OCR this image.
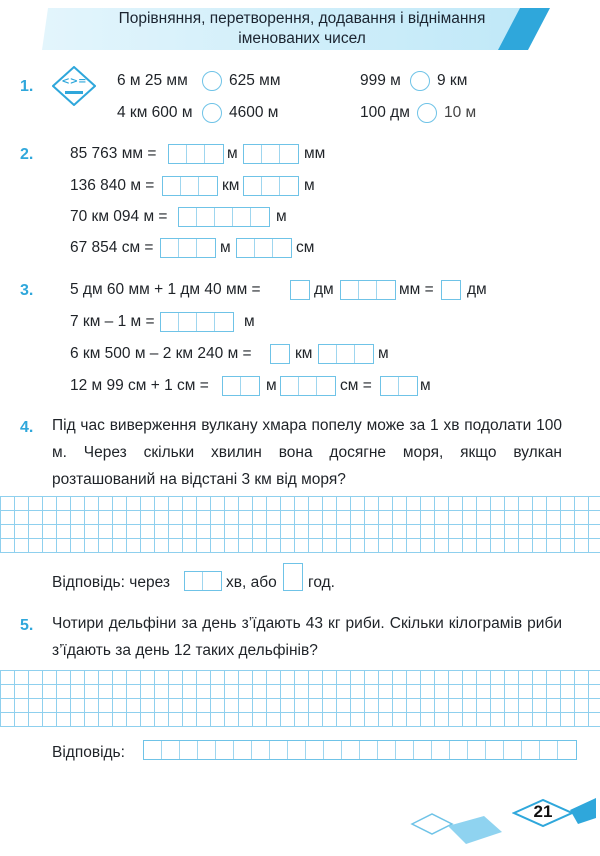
Порівняння, перетворення, додавання і віднімання
іменованих чисел
1.	<>= 6 м 25 мм	625 мм	999 м 9 км
4 км 600 м 4600 м	100 дм 10 м
2. 85 763 мм =	м	мм
136 840 м =	км	м
70 км 094 м =	м
67 854 см =	м	см
3. 5 дм 60 мм + 1 дм 40 мм =	дм	мм = дм
7 км – 1 м =	м
6 км 500 м – 2 км 240 м =	км	м
12 м 99 см + 1 см =	м	см =	м
4. Під час виверження вулкану хмара попелу може за 1 хв подолати 100 м. Через скільки хвилин вона досягне моря, якщо вулкан розташований на відстані 3 км від моря?
Відповідь: через	хв, або год.
5. Чотири дельфіни за день з’їдають 43 кг риби. Скільки кілограмів риби з’їдають за день 12 таких дельфінів?
Відповідь:
21
